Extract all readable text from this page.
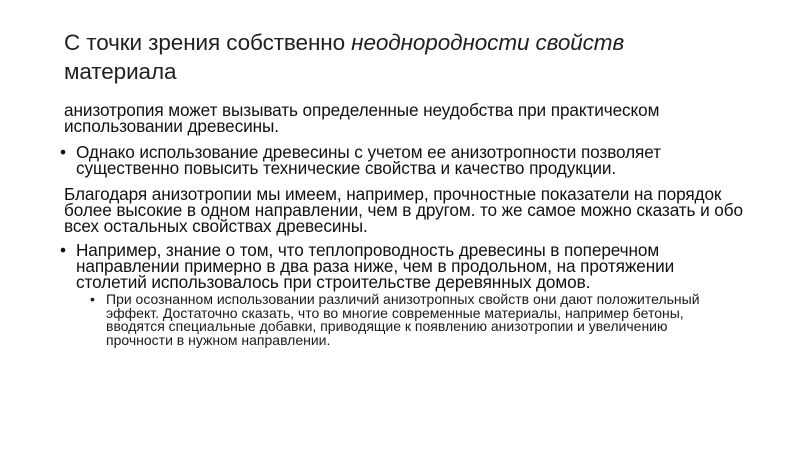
С точки зрения собственно неоднородности свойств
материала

анизотропия может вызывать определенные неудобства при практическом использовании древесины.

• Однако использование древесины с учетом ее анизотропности позволяет существенно повысить технические свойства и качество продукции.

Благодаря анизотропии мы имеем, например, прочностные показатели на порядок более высокие в одном направлении, чем в другом. то же самое можно сказать и обо всех остальных свойствах древесины.

• Например, знание о том, что теплопроводность древесины в поперечном направлении примерно в два раза ниже, чем в продольном, на протяжении столетий использовалось при строительстве деревянных домов.
• При осознанном использовании различий анизотропных свойств они дают положительный эффект. Достаточно сказать, что во многие современные материалы, например бетоны, вводятся специальные добавки, приводящие к появлению анизотропии и увеличению прочности в нужном направлении.
